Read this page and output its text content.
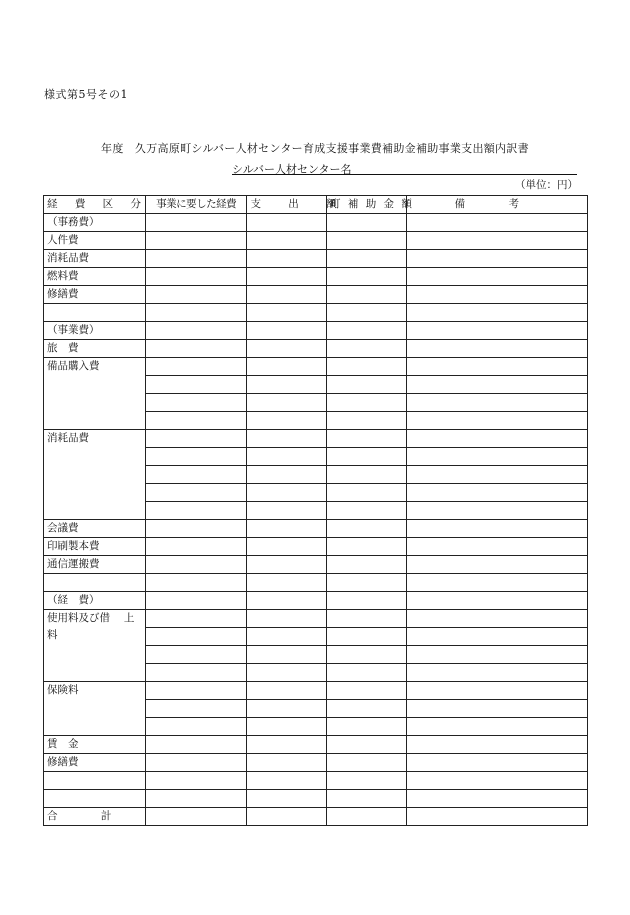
様式第5号その1
年度　久万高原町シルバー人材センター育成支援事業費補助金補助事業支出額内訳書
シルバー人材センター名
（単位：円）
経 費 区 分	事業に要した経費	支 出 額	町 補 助 金 額	備 考
（事務費）				
人件費				
消耗品費				
燃料費				
修繕費				

（事業費）				
旅　費				
備品購入費				

消耗品費				

会議費				
印刷製本費				
通信運搬費				

（経　費）				
使用料及び借 　上料				

保険料				

賃　金				
修繕費				

合 計				
